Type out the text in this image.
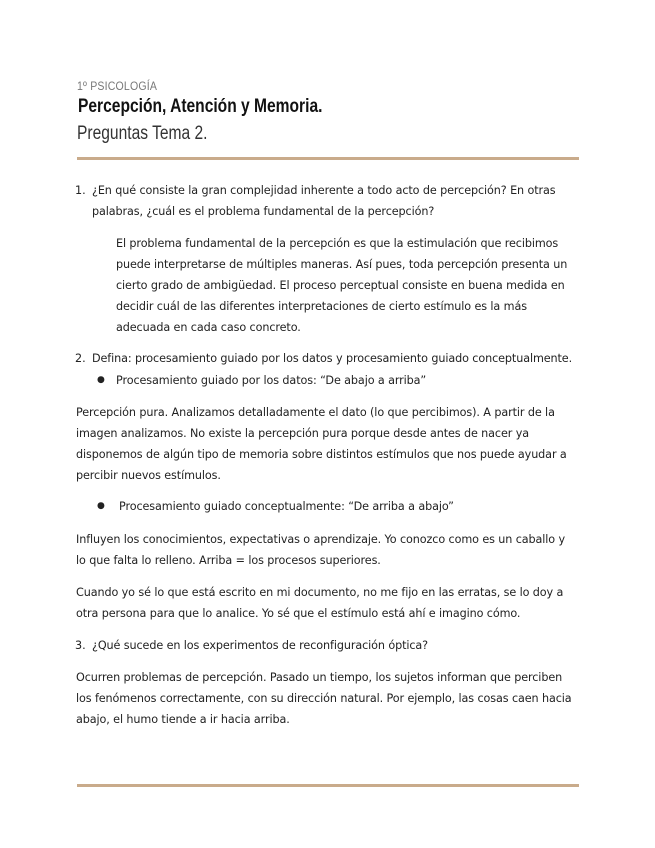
1º PSICOLOGÍA
Percepción, Atención y Memoria.
Preguntas Tema 2.
1. ¿En qué consiste la gran complejidad inherente a todo acto de percepción? En otras palabras, ¿cuál es el problema fundamental de la percepción?
El problema fundamental de la percepción es que la estimulación que recibimos puede interpretarse de múltiples maneras. Así pues, toda percepción presenta un cierto grado de ambigüedad. El proceso perceptual consiste en buena medida en decidir cuál de las diferentes interpretaciones de cierto estímulo es la más adecuada en cada caso concreto.
2. Defina: procesamiento guiado por los datos y procesamiento guiado conceptualmente.
● Procesamiento guiado por los datos: “De abajo a arriba”
Percepción pura. Analizamos detalladamente el dato (lo que percibimos). A partir de la imagen analizamos. No existe la percepción pura porque desde antes de nacer ya disponemos de algún tipo de memoria sobre distintos estímulos que nos puede ayudar a percibir nuevos estímulos.
● Procesamiento guiado conceptualmente: “De arriba a abajo”
Influyen los conocimientos, expectativas o aprendizaje. Yo conozco como es un caballo y lo que falta lo relleno. Arriba = los procesos superiores.
Cuando yo sé lo que está escrito en mi documento, no me fijo en las erratas, se lo doy a otra persona para que lo analice. Yo sé que el estímulo está ahí e imagino cómo.
3. ¿Qué sucede en los experimentos de reconfiguración óptica?
Ocurren problemas de percepción. Pasado un tiempo, los sujetos informan que perciben los fenómenos correctamente, con su dirección natural. Por ejemplo, las cosas caen hacia abajo, el humo tiende a ir hacia arriba.
